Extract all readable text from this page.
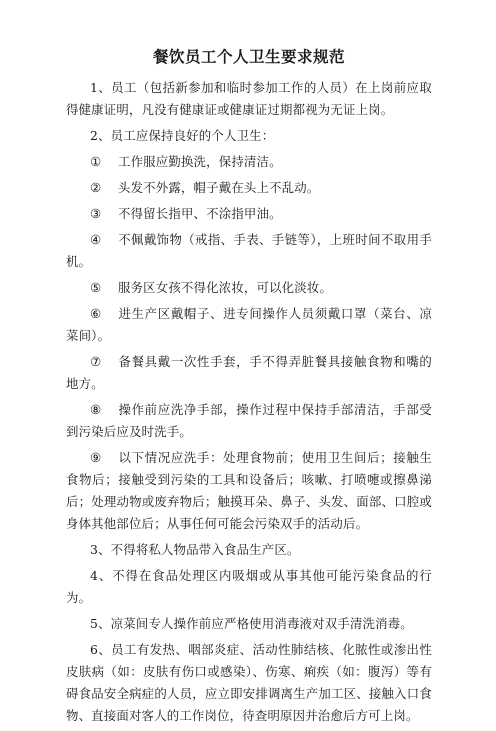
餐饮员工个人卫生要求规范

1、员工（包括新参加和临时参加工作的人员）在上岗前应取得健康证明，凡没有健康证或健康证过期都视为无证上岗。

2、员工应保持良好的个人卫生：

① 工作服应勤换洗，保持清洁。

② 头发不外露，帽子戴在头上不乱动。

③ 不得留长指甲、不涂指甲油。

④ 不佩戴饰物（戒指、手表、手链等），上班时间不取用手机。

⑤ 服务区女孩不得化浓妆，可以化淡妆。

⑥ 进生产区戴帽子、进专间操作人员须戴口罩（菜台、凉菜间）。

⑦ 备餐具戴一次性手套，手不得弄脏餐具接触食物和嘴的地方。

⑧ 操作前应洗净手部，操作过程中保持手部清洁，手部受到污染后应及时洗手。

⑨ 以下情况应洗手：处理食物前；使用卫生间后；接触生食物后；接触受到污染的工具和设备后；咳嗽、打喷嚏或擦鼻涕后；处理动物或废弃物后；触摸耳朵、鼻子、头发、面部、口腔或身体其他部位后；从事任何可能会污染双手的活动后。

3、不得将私人物品带入食品生产区。

4、不得在食品处理区内吸烟或从事其他可能污染食品的行为。

5、凉菜间专人操作前应严格使用消毒液对双手清洗消毒。

6、员工有发热、咽部炎症、活动性肺结核、化脓性或渗出性皮肤病（如：皮肤有伤口或感染）、伤寒、痢疾（如：腹泻）等有碍食品安全病症的人员，应立即安排调离生产加工区、接触入口食物、直接面对客人的工作岗位，待查明原因并治愈后方可上岗。
